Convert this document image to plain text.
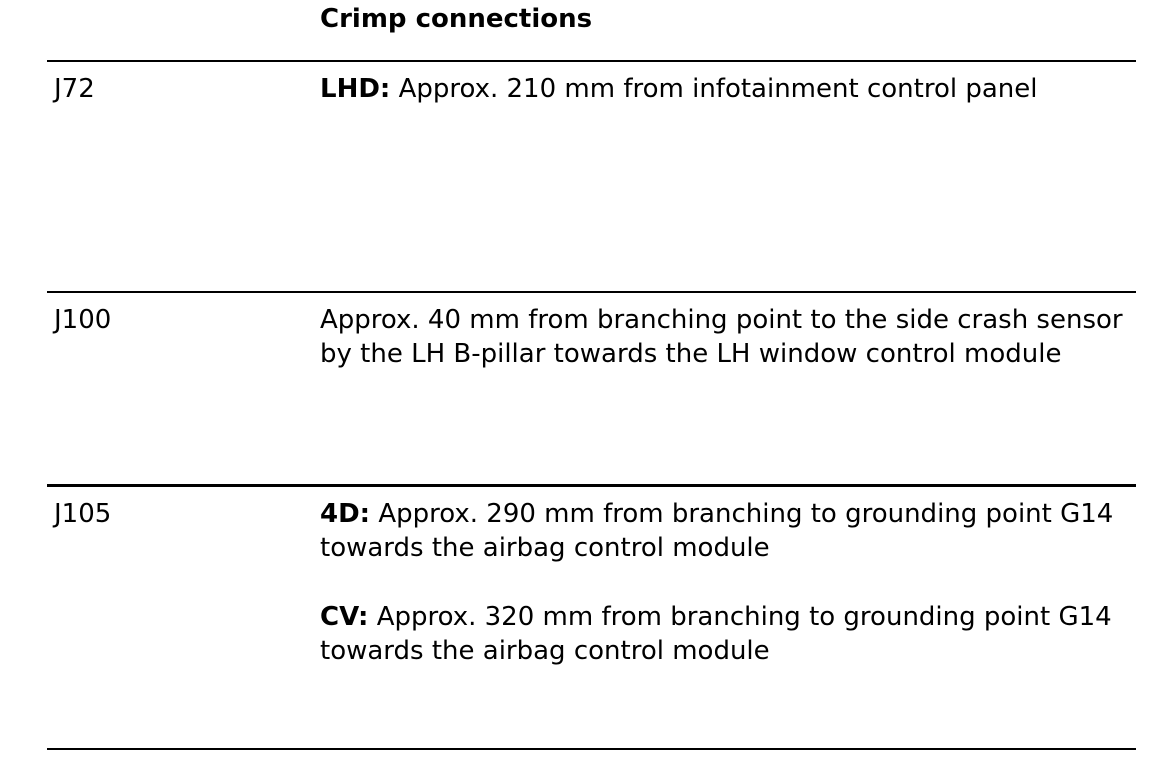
Crimp connections
J72	LHD: Approx. 210 mm from infotainment control panel

J100	Approx. 40 mm from branching point to the side crash sensor by the LH B-pillar towards the LH window control module

J105	4D: Approx. 290 mm from branching to grounding point G14 towards the airbag control module

CV: Approx. 320 mm from branching to grounding point G14 towards the airbag control module
